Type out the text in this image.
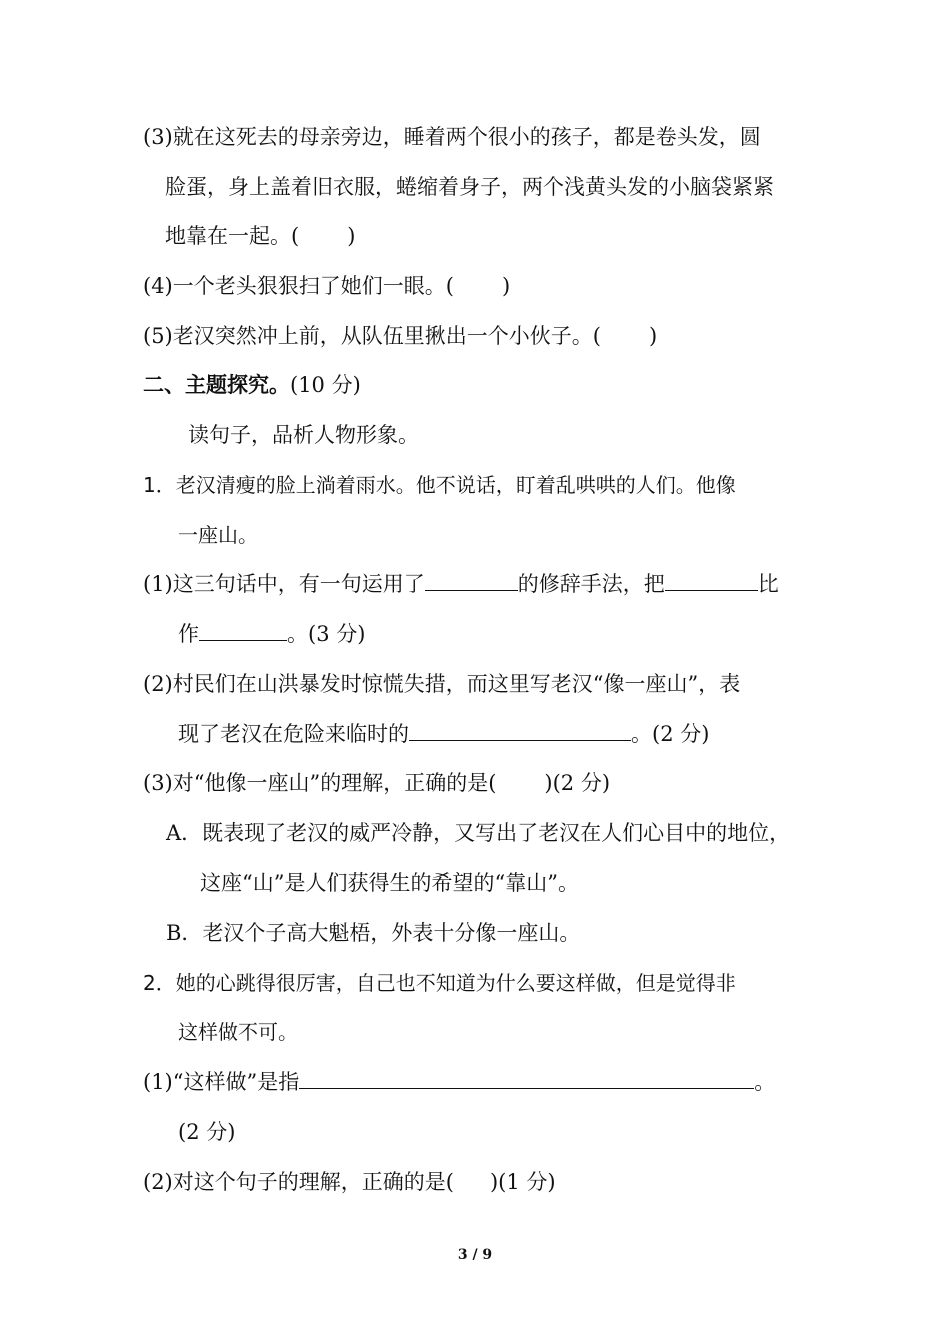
(3)就在这死去的母亲旁边，睡着两个很小的孩子，都是卷头发，圆
脸蛋，身上盖着旧衣服，蜷缩着身子，两个浅黄头发的小脑袋紧紧
地靠在一起。( )
(4)一个老头狠狠扫了她们一眼。( )
(5)老汉突然冲上前，从队伍里揪出一个小伙子。( )
二、主题探究。(10 分)
读句子，品析人物形象。
1．老汉清瘦的脸上淌着雨水。他不说话，盯着乱哄哄的人们。他像
一座山。
(1)这三句话中，有一句运用了	的修辞手法，把	比
作	。(3 分)
(2)村民们在山洪暴发时惊慌失措，而这里写老汉“像一座山”，表
现了老汉在危险来临时的	。(2 分)
(3)对“他像一座山”的理解，正确的是( )(2 分)
A．既表现了老汉的威严冷静，又写出了老汉在人们心目中的地位，
这座“山”是人们获得生的希望的“靠山”。
B．老汉个子高大魁梧，外表十分像一座山。
2．她的心跳得很厉害，自己也不知道为什么要这样做，但是觉得非
这样做不可。
(1)“这样做”是指	。
(2 分)
(2)对这个句子的理解，正确的是( )(1 分)
3 / 9
